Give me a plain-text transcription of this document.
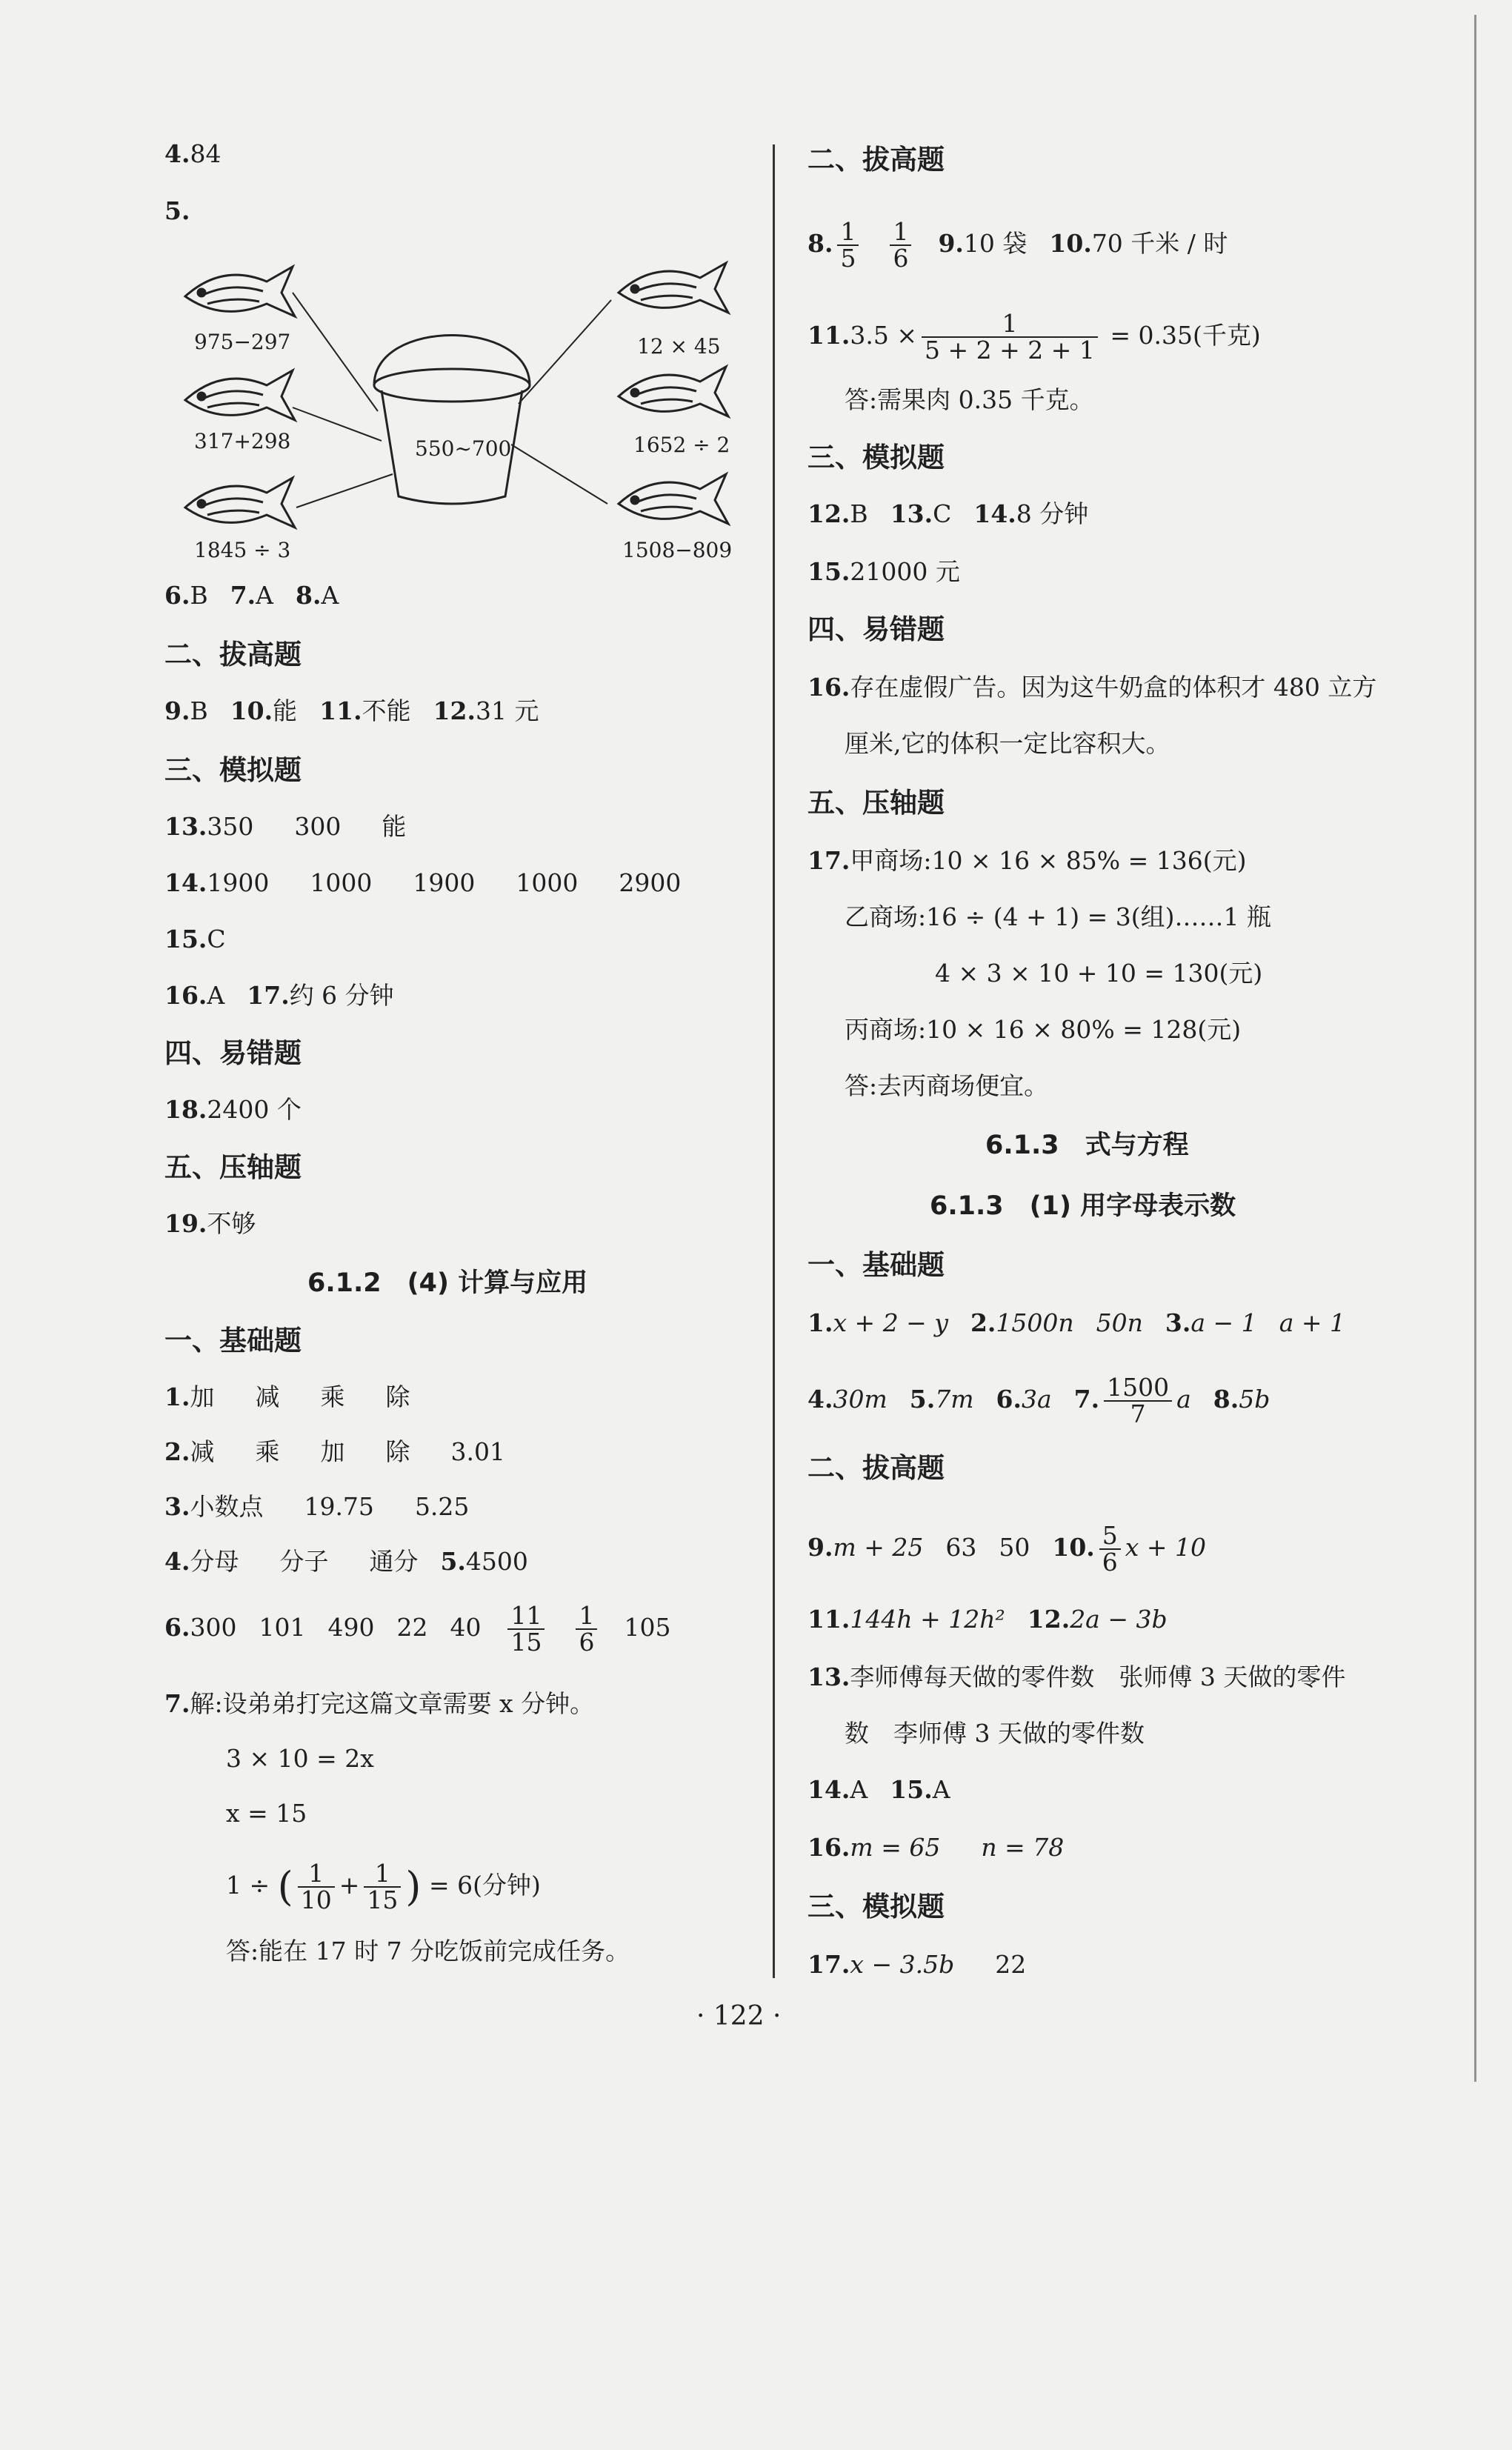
4.84
5.
975−297
317+298
1845 ÷ 3
12 × 45
1652 ÷ 2
1508−809
550~700
6.B 7.A 8.A
二、拔高题
9.B 10.能 11.不能 12.31 元
三、模拟题
13.350 300 能
14.1900 1000 1900 1000 2900
15.C
16.A 17.约 6 分钟
四、易错题
18.2400 个
五、压轴题
19.不够
6.1.2　(4) 计算与应用
一、基础题
1.加 减 乘 除
2.减 乘 加 除 3.01
3.小数点 19.75 5.25
4.分母 分子 通分 5.4500
6.300 101 490 22 $40 \frac{11}{15} \frac{1}{6} 105$
7.解:设弟弟打完这篇文章需要 x 分钟。
3 × 10 = 2x
x = 15
1 ÷ ( $\frac{1}{10} + \frac{1}{15}$ ) = 6(分钟)
答:能在 17 时 7 分吃饭前完成任务。
二、拔高题
8. $\frac{1}{5} \frac{1}{6} 9.10$ 袋 10.70 千米 / 时
$11.3.5 \times \frac{1}{5 + 2 + 2 + 1} = 0.35$(千克)
答:需果肉 0.35 千克。
三、模拟题
12.B 13.C 14.8 分钟
15.21000 元
四、易错题
16.存在虚假广告。因为这牛奶盒的体积才 480 立方
厘米,它的体积一定比容积大。
五、压轴题
17.甲商场:10 × 16 × 85% = 136(元)
乙商场:16 ÷ (4 + 1) = 3(组)……1 瓶
4 × 3 × 10 + 10 = 130(元)
丙商场:10 × 16 × 80% = 128(元)
答:去丙商场便宜。
6.1.3　式与方程
6.1.3　(1) 用字母表示数
一、基础题
1.x + 2 − y 2.1500n 50n 3.a − 1 a + 1
4.30m 5.7m 6.3a 7. $\frac{1500}{7}$ a 8.5b
二、拔高题
9.m + 25 63 50 10. $\frac{5}{6}$ x + 10
11.144h + 12h² 12.2a − 3b
13.李师傅每天做的零件数　张师傅 3 天做的零件
数　李师傅 3 天做的零件数
14.A 15.A
16.m = 65 n = 78
三、模拟题
17.x − 3.5b 22
· 122 ·
